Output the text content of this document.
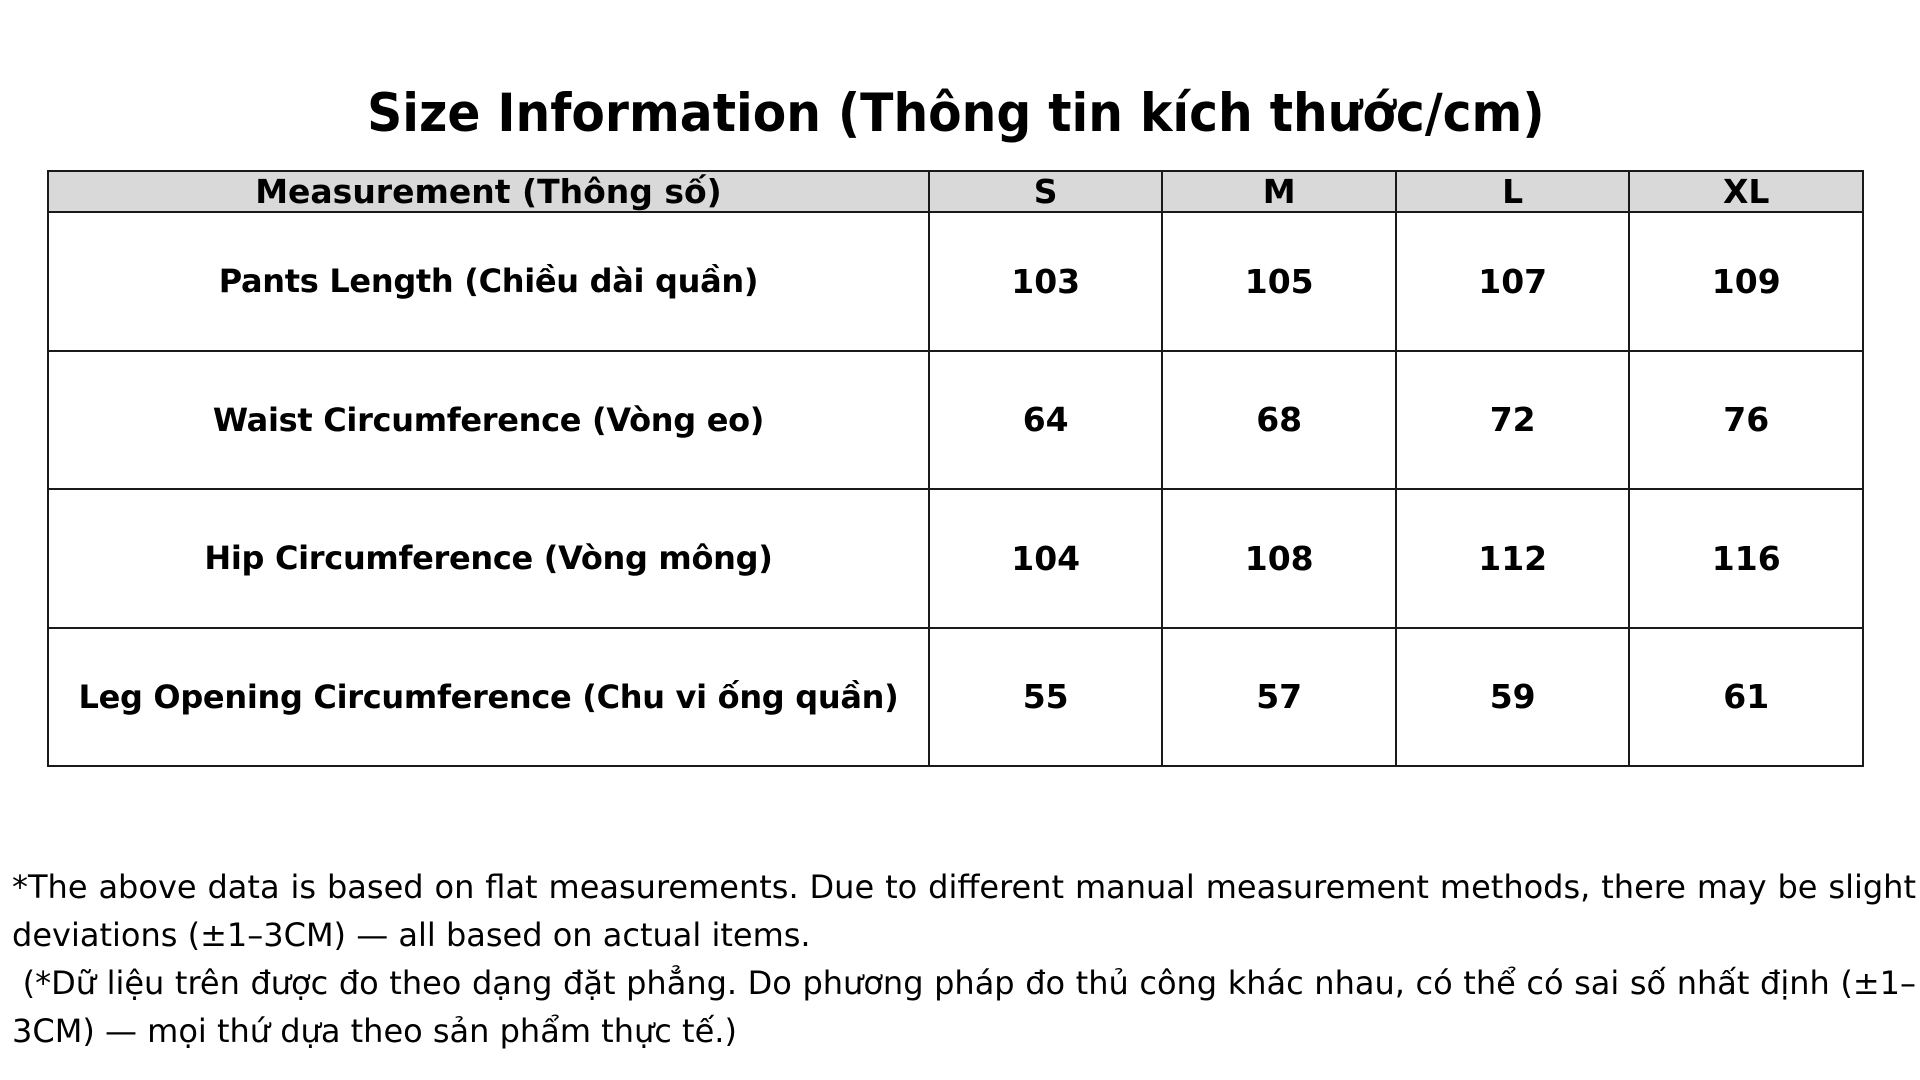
Size Information (Thông tin kích thước/cm)
Measurement (Thông số)	S	M	L	XL
Pants Length (Chiều dài quần)	103	105	107	109
Waist Circumference (Vòng eo)	64	68	72	76
Hip Circumference (Vòng mông)	104	108	112	116
Leg Opening Circumference (Chu vi ống quần)	55	57	59	61

*The above data is based on flat measurements. Due to different manual measurement methods, there may be slight deviations (±1–3CM) — all based on actual items.

(*Dữ liệu trên được đo theo dạng đặt phẳng. Do phương pháp đo thủ công khác nhau, có thể có sai số nhất định (±1–3CM) — mọi thứ dựa theo sản phẩm thực tế.)
